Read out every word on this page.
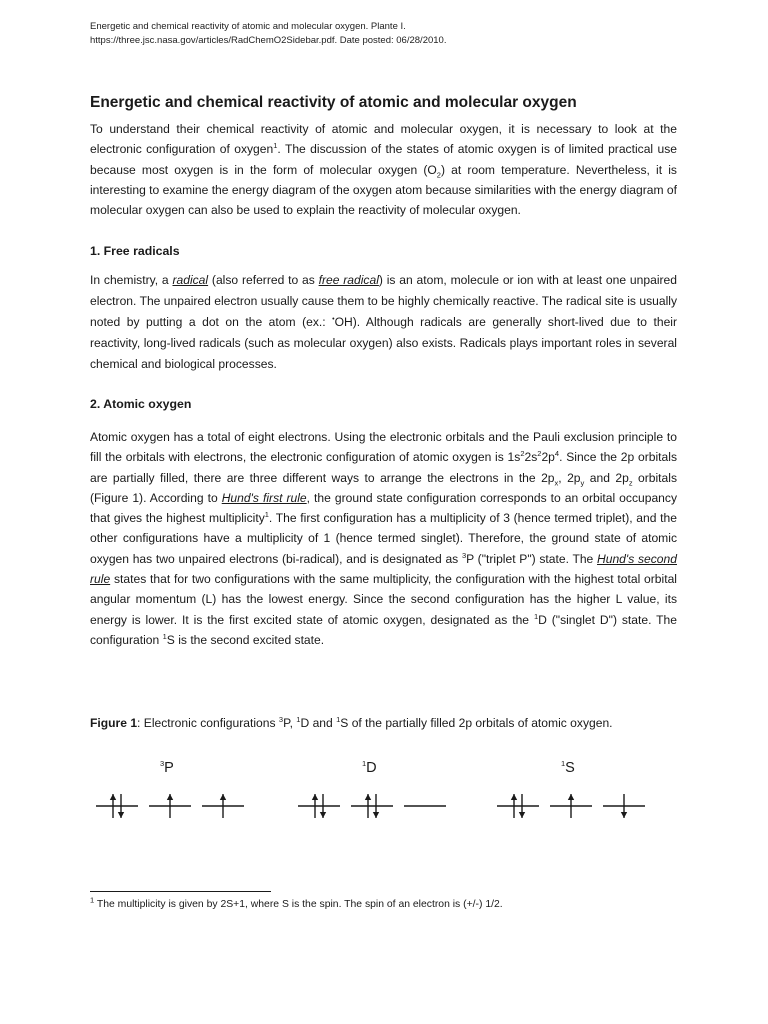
Energetic and chemical reactivity of atomic and molecular oxygen. Plante I.
https://three.jsc.nasa.gov/articles/RadChemO2Sidebar.pdf. Date posted: 06/28/2010.
Energetic and chemical reactivity of atomic and molecular oxygen

To understand their chemical reactivity of atomic and molecular oxygen, it is necessary to look at the electronic configuration of oxygen$^1$. The discussion of the states of atomic oxygen is of limited practical use because most oxygen is in the form of molecular oxygen $(O_2)$ at room temperature. Nevertheless, it is interesting to examine the energy diagram of the oxygen atom because similarities with the energy diagram of molecular oxygen can also be used to explain the reactivity of molecular oxygen.

1. Free radicals

In chemistry, a radical (also referred to as free radical) is an atom, molecule or ion with at least one unpaired electron. The unpaired electron usually cause them to be highly chemically reactive. The radical site is usually noted by putting a dot on the atom (ex.: •OH). Although radicals are generally short-lived due to their reactivity, long-lived radicals (such as molecular oxygen) also exists. Radicals plays important roles in several chemical and biological processes.

2. Atomic oxygen

Atomic oxygen has a total of eight electrons. Using the electronic orbitals and the Pauli exclusion principle to fill the orbitals with electrons, the electronic configuration of atomic oxygen is $1s^22s^22p^4$. Since the 2p orbitals are partially filled, there are three different ways to arrange the electrons in the $2p_x$, $2p_y$ and $2p_z$ orbitals (Figure 1). According to Hund's first rule, the ground state configuration corresponds to an orbital occupancy that gives the highest multiplicity$^1$. The first configuration has a multiplicity of 3 (hence termed triplet), and the other configurations have a multiplicity of 1 (hence termed singlet). Therefore, the ground state of atomic oxygen has two unpaired electrons (bi-radical), and is designated as $^3$P ("triplet P") state. The Hund's second rule states that for two configurations with the same multiplicity, the configuration with the highest total orbital angular momentum (L) has the lowest energy. Since the second configuration has the higher L value, its energy is lower. It is the first excited state of atomic oxygen, designated as the $^1$D ("singlet D") state. The configuration $^1$S is the second excited state.

Figure 1: Electronic configurations $^3$P, $^1$D and $^1$S of the partially filled 2p orbitals of atomic oxygen.
$^3$P	$^1$D	$^1$S
$^1$ The multiplicity is given by 2S+1, where S is the spin. The spin of an electron is (+/-) 1/2.
